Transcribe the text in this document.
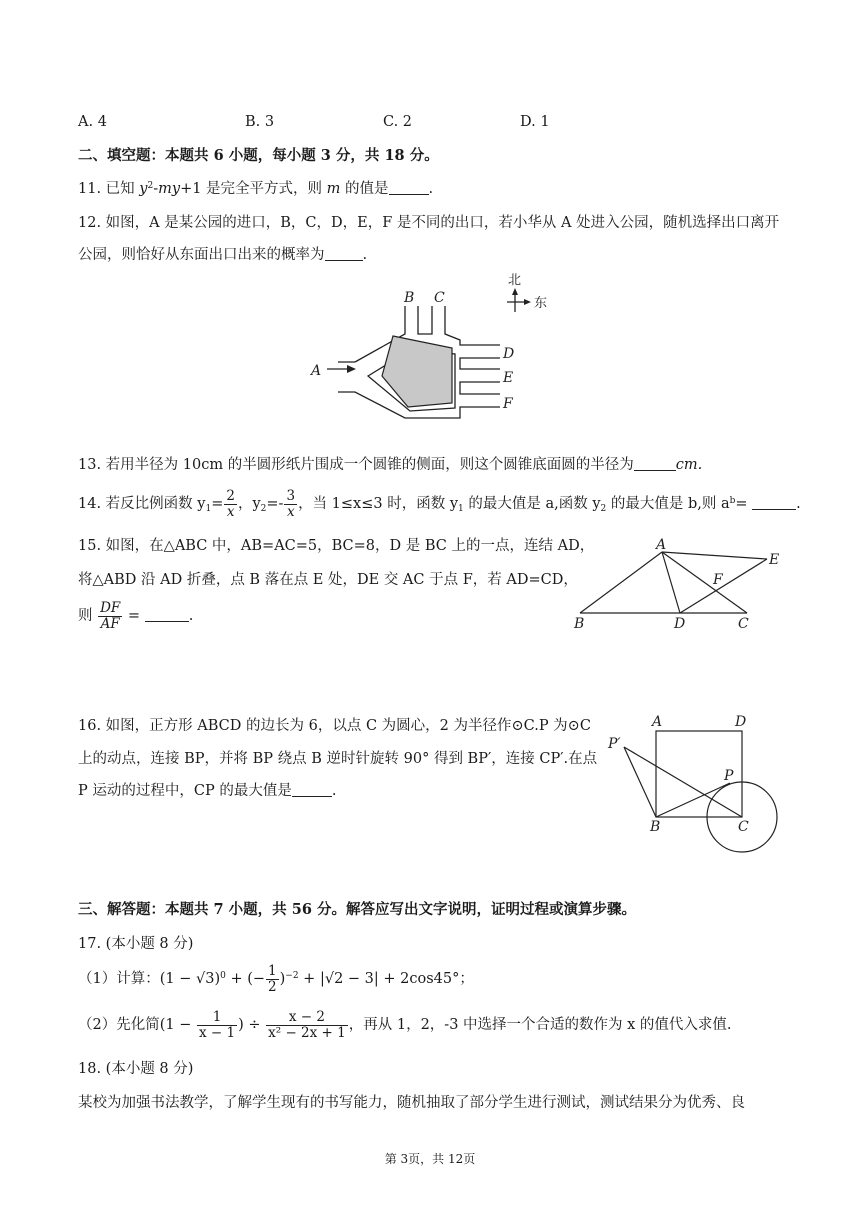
A. 4	B. 3	C. 2	D. 1
二、填空题：本题共 6 小题，每小题 3 分，共 18 分。
11. 已知 $y^2-my+1$ 是完全平方式，则 m 的值是	.
12. 如图，A 是某公园的进口，B，C，D，E，F 是不同的出口，若小华从 A 处进入公园，随机选择出口离开
公园，则恰好从东面出口出来的概率为	.
A
B C
D
E
F
北
东
13. 若用半径为 10cm 的半圆形纸片围成一个圆锥的侧面，则这个圆锥底面圆的半径为	cm.
14. 若反比例函数 $y_1= \frac{2}{x}$ ，$y_2=- \frac{3}{x}$ ，当 1≤x≤3 时，函数 $y_1$ 的最大值是 a,函数 $y_2$ 的最大值是 b,则 $a^b=$	.
15. 如图，在△ABC 中，AB=AC=5，BC=8，D 是 BC 上的一点，连结 AD，
将△ABD 沿 AD 折叠，点 B 落在点 E 处，DE 交 AC 于点 F，若 AD=CD，
则 $\frac{DF}{AF}$ =	.	B
A
C
D
E
F
16. 如图，正方形 ABCD 的边长为 6，以点 C 为圆心，2 为半径作⊙C.P 为⊙C
上的动点，连接 BP，并将 BP 绕点 B 逆时针旋转 90° 得到 BP′，连接 CP′.在点
P 运动的过程中，CP 的最大值是	.
A	D
B	C
P
P′
三、解答题：本题共 7 小题，共 56 分。解答应写出文字说明，证明过程或演算步骤。
17. (本小题 8 分)
（1）计算：$(1 - √3)^0$ + (− $\frac{1}{2} )^{-2} + |√2 - 3| + 2\cos 45^\circ$；
（2）先化简($1 - \frac{1}{x - 1}$ ) ÷ $\frac{x - 2}{\text{x² − 2x + 1}}$ ，再从 1，2，-3 中选择一个合适的数作为 x 的值代入求值.
18. (本小题 8 分)
某校为加强书法教学，了解学生现有的书写能力，随机抽取了部分学生进行测试，测试结果分为优秀、良
第 3页，共 12页
